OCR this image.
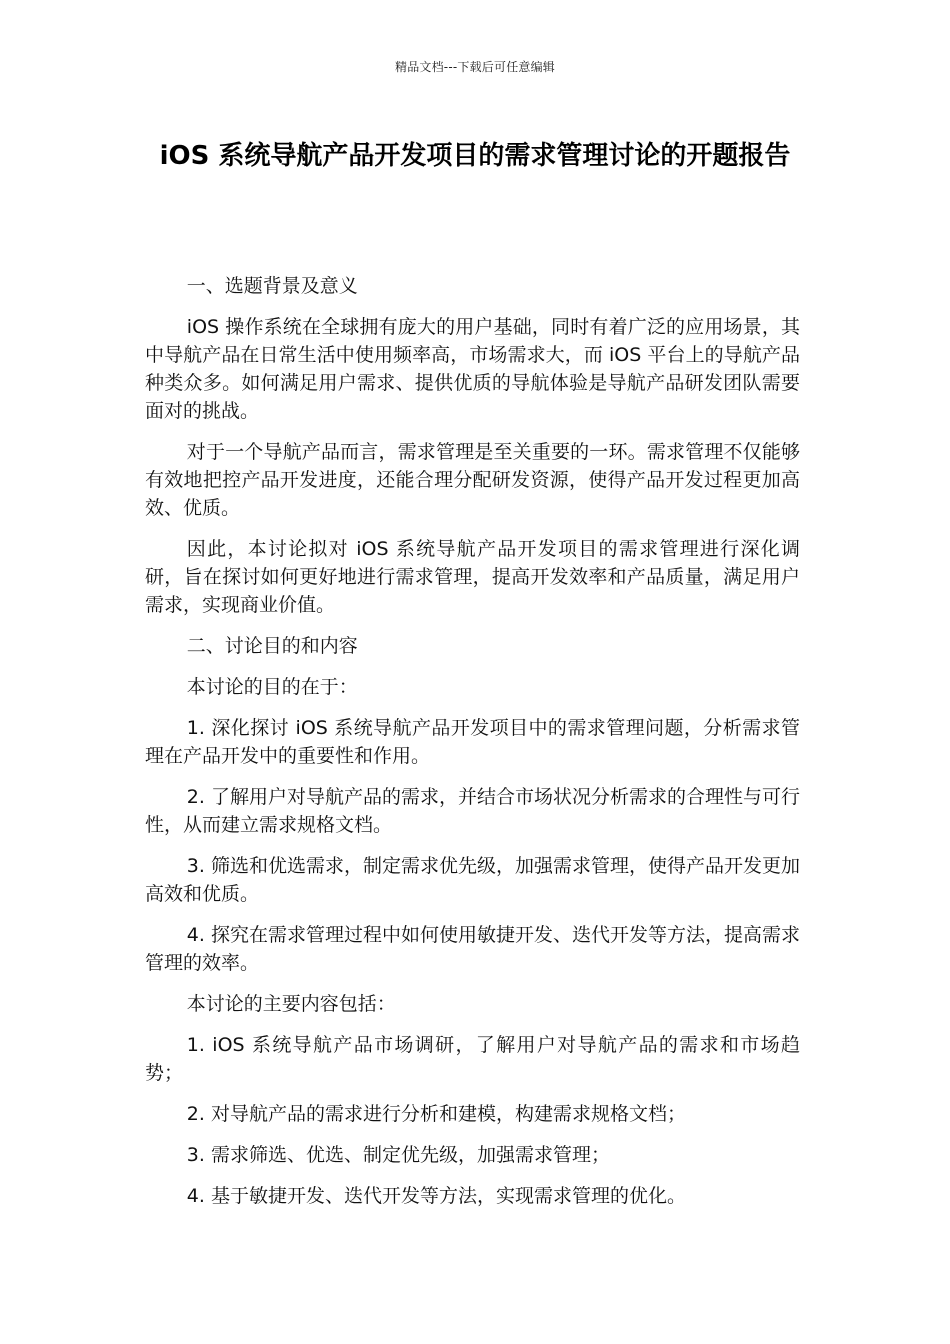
精品文档---下载后可任意编辑
iOS 系统导航产品开发项目的需求管理讨论的开题报告

一、选题背景及意义

iOS 操作系统在全球拥有庞大的用户基础，同时有着广泛的应用场景，其中导航产品在日常生活中使用频率高，市场需求大，而 iOS 平台上的导航产品种类众多。如何满足用户需求、提供优质的导航体验是导航产品研发团队需要面对的挑战。

对于一个导航产品而言，需求管理是至关重要的一环。需求管理不仅能够有效地把控产品开发进度，还能合理分配研发资源，使得产品开发过程更加高效、优质。

因此，本讨论拟对 iOS 系统导航产品开发项目的需求管理进行深化调研，旨在探讨如何更好地进行需求管理，提高开发效率和产品质量，满足用户需求，实现商业价值。

二、讨论目的和内容

本讨论的目的在于：

1. 深化探讨 iOS 系统导航产品开发项目中的需求管理问题，分析需求管理在产品开发中的重要性和作用。

2. 了解用户对导航产品的需求，并结合市场状况分析需求的合理性与可行性，从而建立需求规格文档。

3. 筛选和优选需求，制定需求优先级，加强需求管理，使得产品开发更加高效和优质。

4. 探究在需求管理过程中如何使用敏捷开发、迭代开发等方法，提高需求管理的效率。

本讨论的主要内容包括：

1. iOS 系统导航产品市场调研，了解用户对导航产品的需求和市场趋势；

2. 对导航产品的需求进行分析和建模，构建需求规格文档；

3. 需求筛选、优选、制定优先级，加强需求管理；

4. 基于敏捷开发、迭代开发等方法，实现需求管理的优化。
